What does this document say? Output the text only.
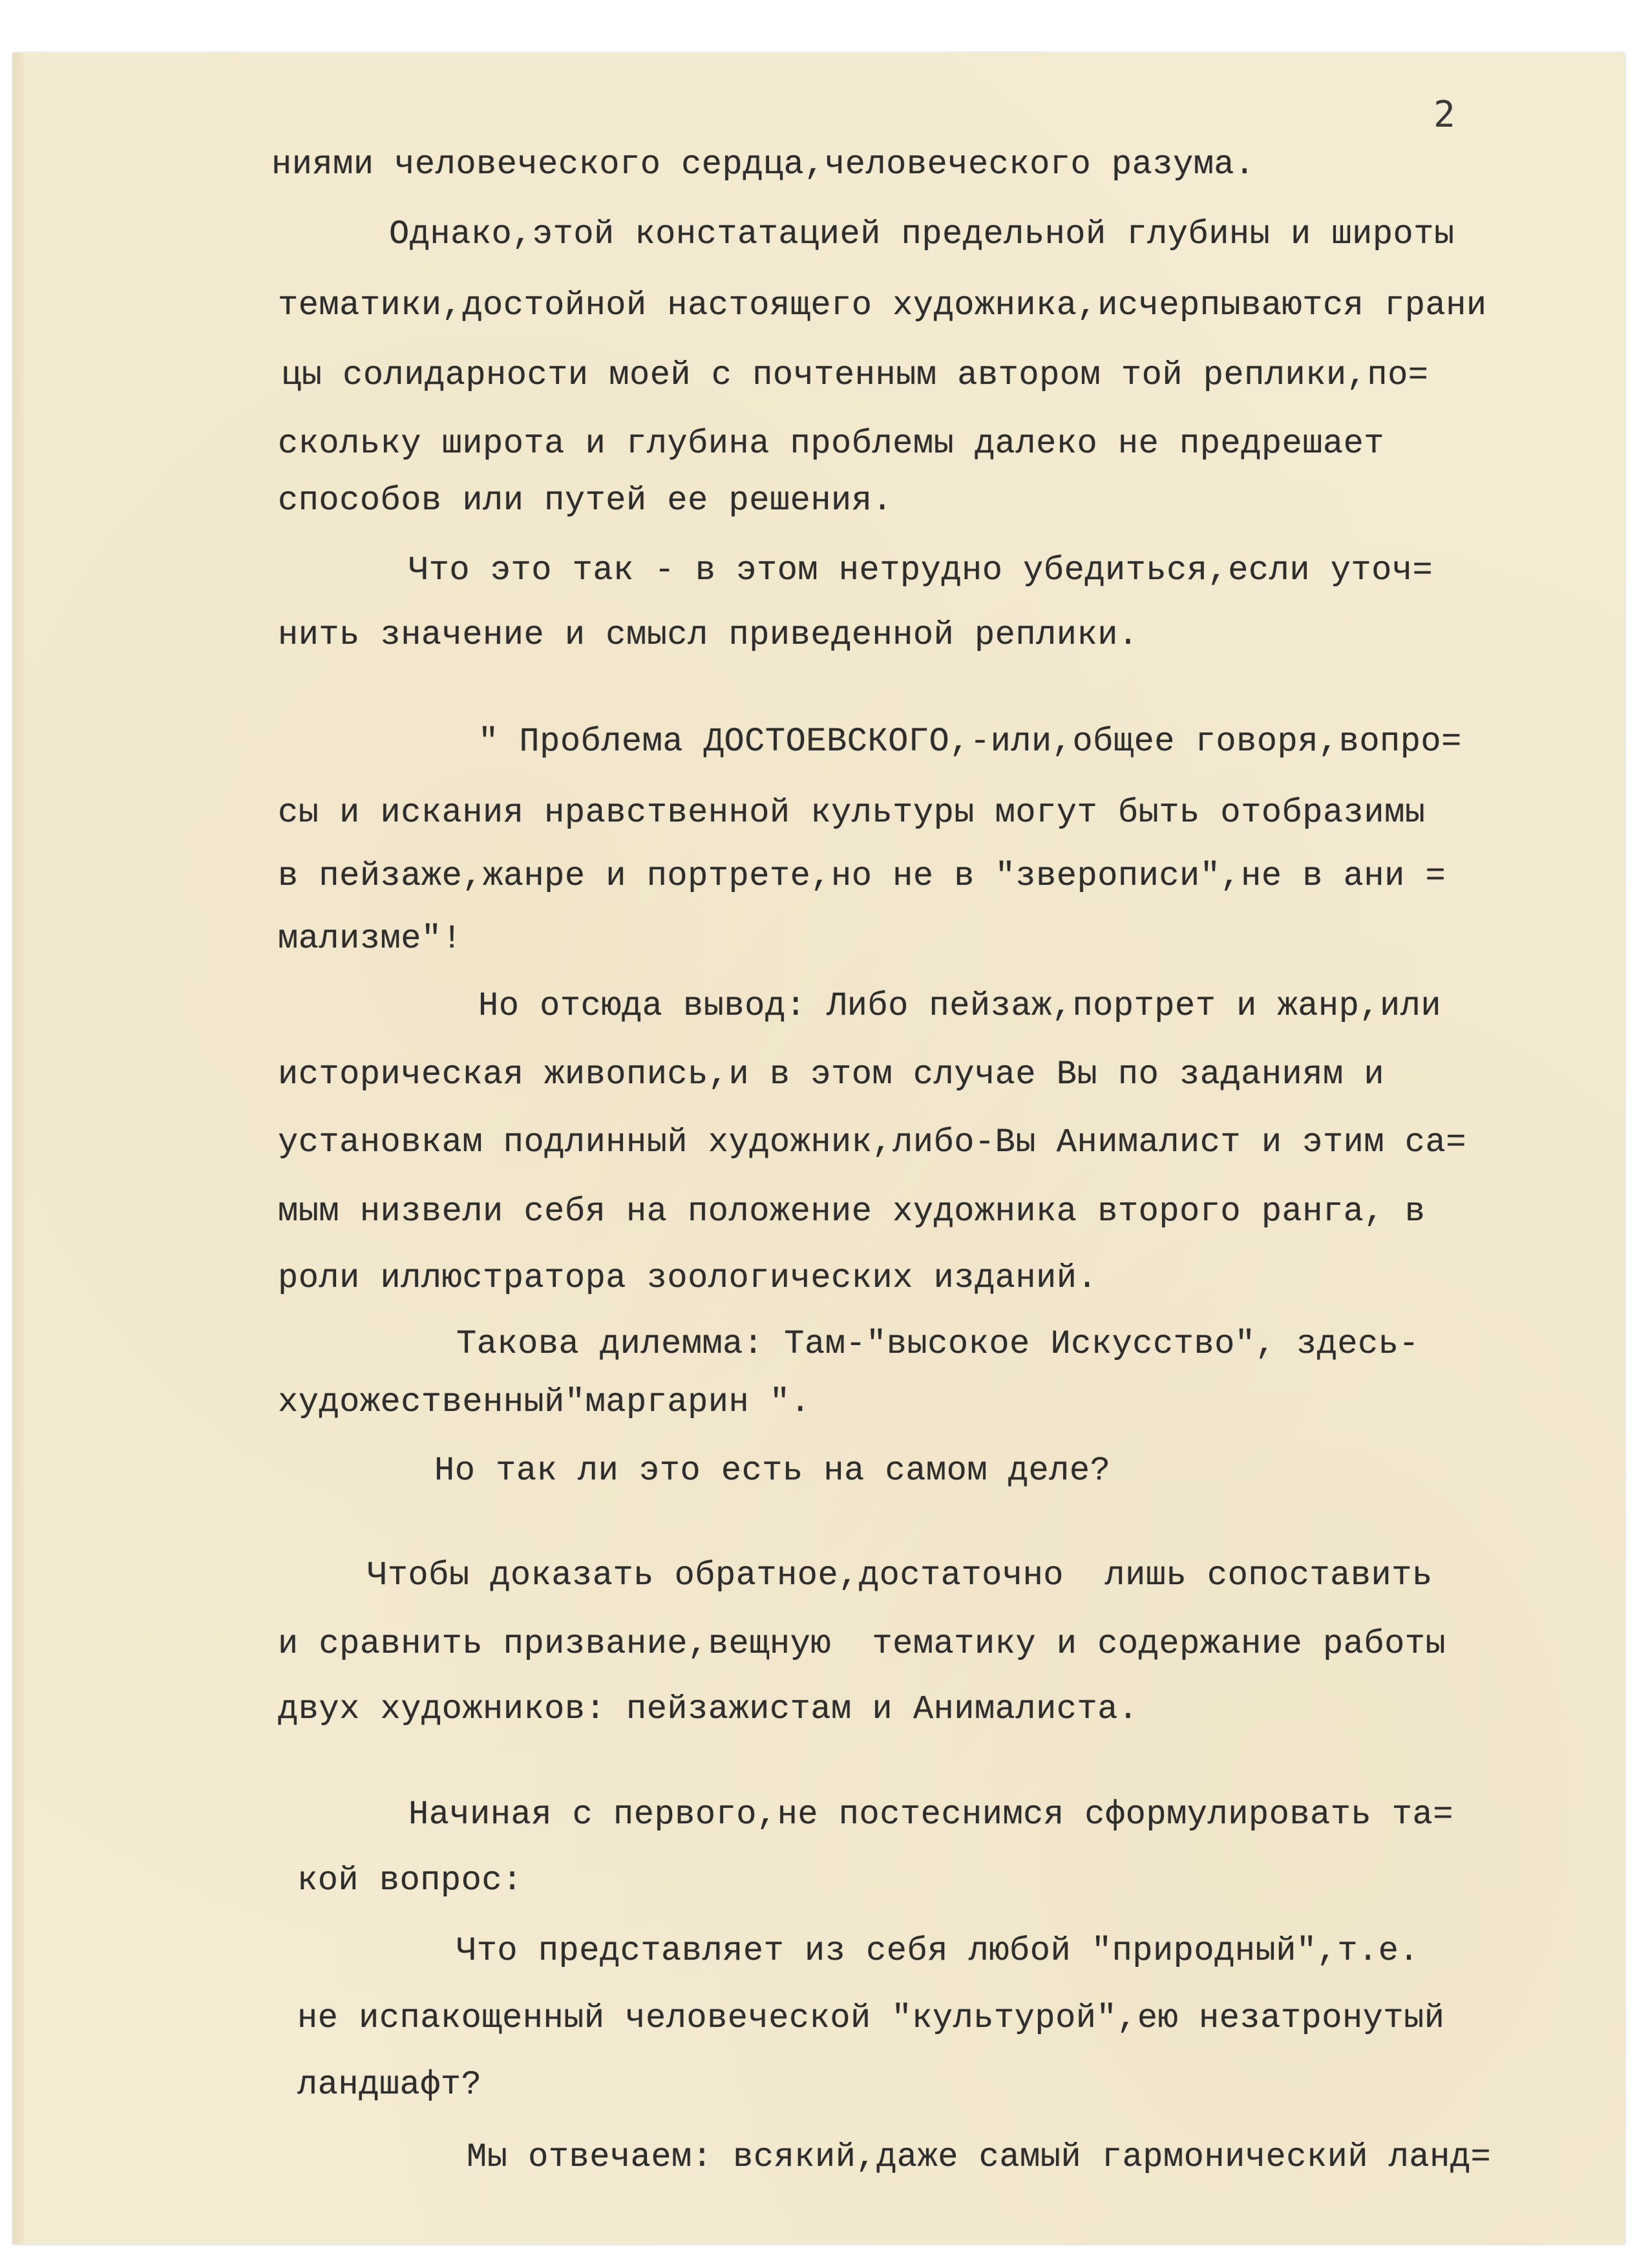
2
ниями человеческого сердца,человеческого разума.
Однако,этой констатацией предельной глубины и широты
тематики,достойной настоящего художника,исчерпываются грани
цы солидарности моей с почтенным автором той реплики,по=
скольку широта и глубина проблемы далеко не предрешает
способов или путей ее решения.
Что это так - в этом нетрудно убедиться,если уточ=
нить значение и смысл приведенной реплики.
" Проблема ДОСТОЕВСКОГО,-или,общее говоря,вопро=
сы и искания нравственной культуры могут быть отобразимы
в пейзаже,жанре и портрете,но не в "зверописи",не в ани =
мализме"!
Но отсюда вывод: Либо пейзаж,портрет и жанр,или
историческая живопись,и в этом случае Вы по заданиям и
установкам подлинный художник,либо-Вы Анималист и этим са=
мым низвели себя на положение художника второго ранга, в
роли иллюстратора зоологических изданий.
Такова дилемма: Там-"высокое Искусство", здесь-
художественный"маргарин ".
Но так ли это есть на самом деле?
Чтобы доказать обратное,достаточно  лишь сопоставить
и сравнить призвание,вещную  тематику и содержание работы
двух художников: пейзажистам и Анималиста.
Начиная с первого,не постеснимся сформулировать та=
кой вопрос:
Что представляет из себя любой "природный",т.е.
не испакощенный человеческой "культурой",ею незатронутый
ландшафт?
Мы отвечаем: всякий,даже самый гармонический ланд=
